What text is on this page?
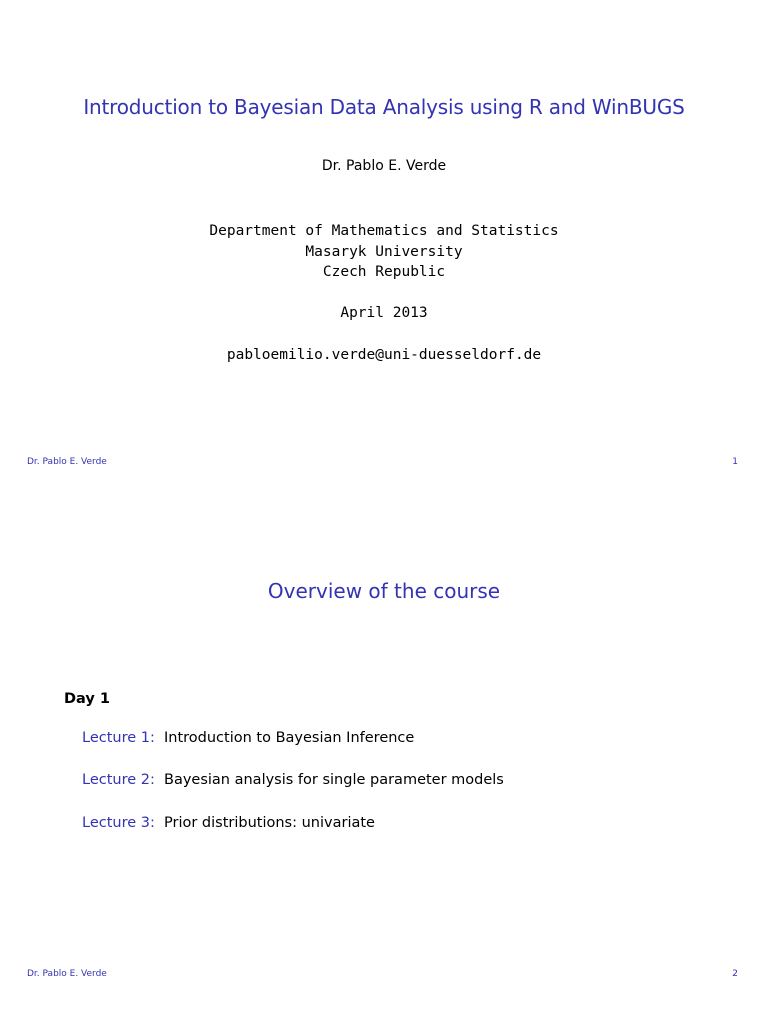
Introduction to Bayesian Data Analysis using R and WinBUGS
Dr. Pablo E. Verde
Department of Mathematics and Statistics
Masaryk University
Czech Republic
April 2013
pabloemilio.verde@uni-duesseldorf.de
Dr. Pablo E. Verde	1
Overview of the course
Day 1
Lecture 1: Introduction to Bayesian Inference
Lecture 2: Bayesian analysis for single parameter models
Lecture 3: Prior distributions: univariate
Dr. Pablo E. Verde	2
